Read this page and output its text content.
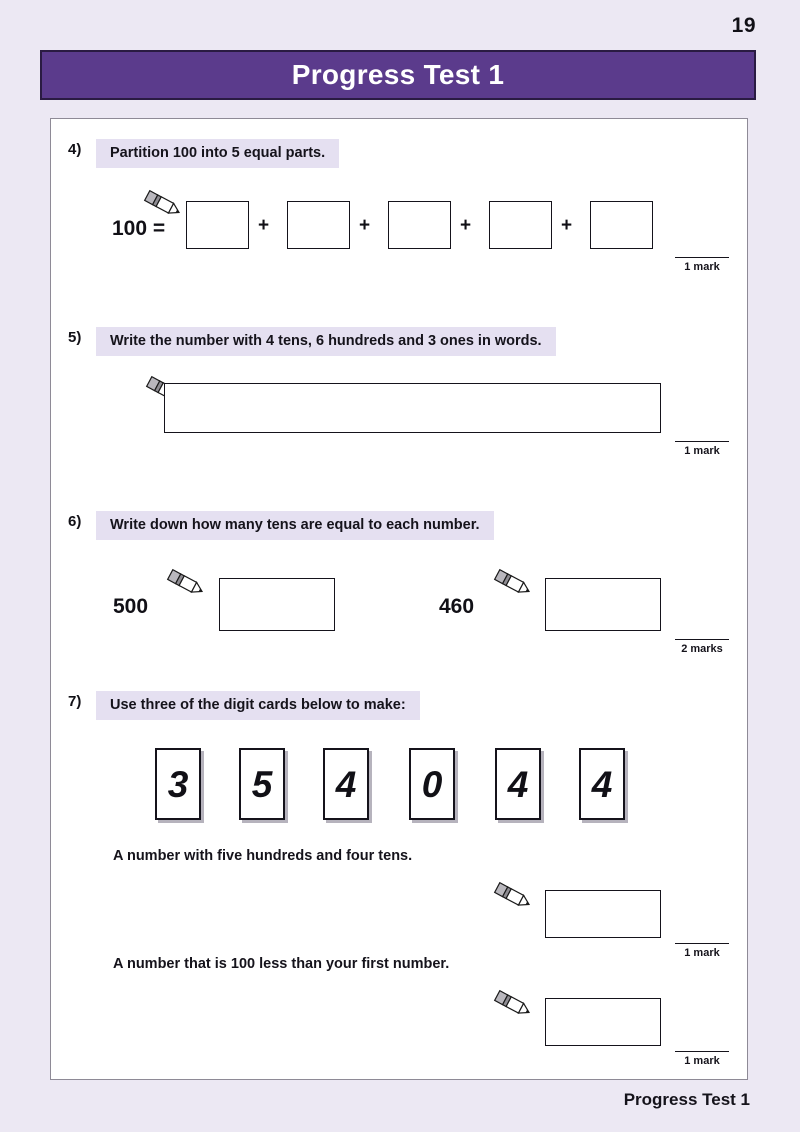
19
Progress Test 1
4)	Partition 100 into 5 equal parts.
100 =	+	+	+	+
1 mark
5)	Write the number with 4 tens, 6 hundreds and 3 ones in words.
1 mark
6)	Write down how many tens are equal to each number.
500	460
2 marks
7)	Use three of the digit cards below to make:
3 5 4 0 4 4
A number with five hundreds and four tens.
1 mark
A number that is 100 less than your first number.
1 mark
Progress Test 1
